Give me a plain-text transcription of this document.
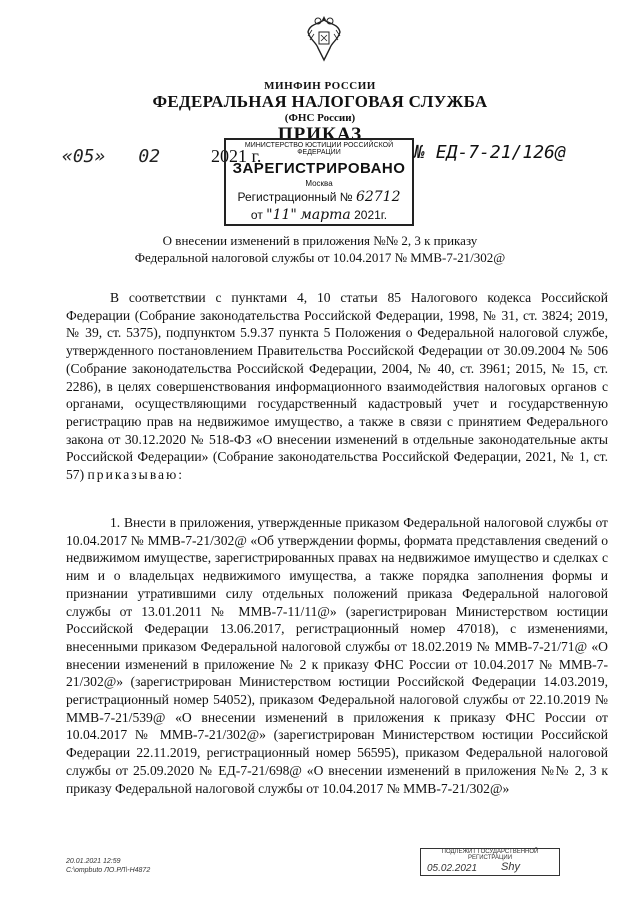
МИНФИН РОССИИ
ФЕДЕРАЛЬНАЯ НАЛОГОВАЯ СЛУЖБА
(ФНС России)
ПРИКАЗ
«05» 02	2021 г.
МИНИСТЕРСТВО ЮСТИЦИИ РОССИЙСКОЙ ФЕДЕРАЦИИ
ЗАРЕГИСТРИРОВАНО
Москва
Регистрационный № 62712
от "11" марта 2021г.
№ ЕД-7-21/126@
О внесении изменений в приложения №№ 2, 3 к приказу
Федеральной налоговой службы от 10.04.2017 № ММВ-7-21/302@
В соответствии с пунктами 4, 10 статьи 85 Налогового кодекса Российской Федерации (Собрание законодательства Российской Федерации, 1998, № 31, ст. 3824; 2019, № 39, ст. 5375), подпунктом 5.9.37 пункта 5 Положения о Федеральной налоговой службе, утвержденного постановлением Правительства Российской Федерации от 30.09.2004 № 506 (Собрание законодательства Российской Федерации, 2004, № 40, ст. 3961; 2015, № 15, ст. 2286), в целях совершенствования информационного взаимодействия налоговых органов с органами, осуществляющими государственный кадастровый учет и государственную регистрацию прав на недвижимое имущество, а также в связи с принятием Федерального закона от 30.12.2020 № 518-ФЗ «О внесении изменений в отдельные законодательные акты Российской Федерации» (Собрание законодательства Российской Федерации, 2021, № 1, ст. 57) приказываю:
1. Внести в приложения, утвержденные приказом Федеральной налоговой службы от 10.04.2017 № ММВ-7-21/302@ «Об утверждении формы, формата представления сведений о недвижимом имуществе, зарегистрированных правах на недвижимое имущество и сделках с ним и о владельцах недвижимого имущества, а также порядка заполнения формы и признании утратившими силу отдельных положений приказа Федеральной налоговой службы от 13.01.2011 № ММВ-7-11/11@» (зарегистрирован Министерством юстиции Российской Федерации 13.06.2017, регистрационный номер 47018), с изменениями, внесенными приказом Федеральной налоговой службы от 18.02.2019 № ММВ-7-21/71@ «О внесении изменений в приложение № 2 к приказу ФНС России от 10.04.2017 № ММВ-7-21/302@» (зарегистрирован Министерством юстиции Российской Федерации 14.03.2019, регистрационный номер 54052), приказом Федеральной налоговой службы от 22.10.2019 № ММВ-7-21/539@ «О внесении изменений в приложения к приказу ФНС России от 10.04.2017 № ММВ-7-21/302@» (зарегистрирован Министерством юстиции Российской Федерации 22.11.2019, регистрационный номер 56595), приказом Федеральной налоговой службы от 25.09.2020 № ЕД-7-21/698@ «О внесении изменений в приложения №№ 2, 3 к приказу Федеральной налоговой службы от 10.04.2017 № ММВ-7-21/302@»
20.01.2021 12:59
C:\ompbuto ЛО.РЛ\-Н4872
ПОДЛЕЖИТ ГОСУДАРСТВЕННОЙ РЕГИСТРАЦИИ
05.02.2021 Shy
